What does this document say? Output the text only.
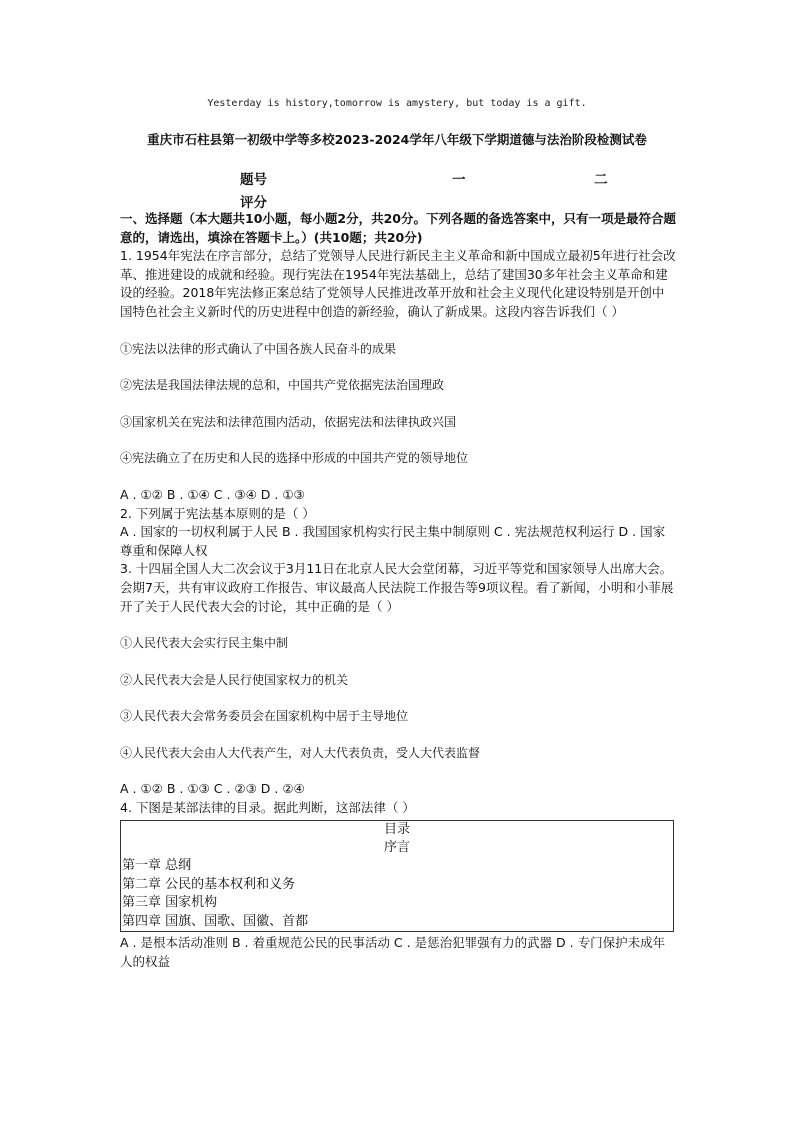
Yesterday is history,tomorrow is amystery, but today is a gift.
重庆市石柱县第一初级中学等多校2023-2024学年八年级下学期道德与法治阶段检测试卷
题号	一	二
评分

一、选择题（本大题共10小题，每小题2分，共20分。下列各题的备选答案中，只有一项是最符合题意的，请选出，填涂在答题卡上。）(共10题；共20分)

1. 1954年宪法在序言部分，总结了党领导人民进行新民主主义革命和新中国成立最初5年进行社会改革、推进建设的成就和经验。现行宪法在1954年宪法基础上，总结了建国30多年社会主义革命和建设的经验。2018年宪法修正案总结了党领导人民推进改革开放和社会主义现代化建设特别是开创中国特色社会主义新时代的历史进程中创造的新经验，确认了新成果。这段内容告诉我们（ ）

①宪法以法律的形式确认了中国各族人民奋斗的成果

②宪法是我国法律法规的总和，中国共产党依据宪法治国理政

③国家机关在宪法和法律范围内活动，依据宪法和法律执政兴国

④宪法确立了在历史和人民的选择中形成的中国共产党的领导地位

A . ①② B . ①④ C . ③④ D . ①③

2. 下列属于宪法基本原则的是（ ）

A . 国家的一切权利属于人民 B . 我国国家机构实行民主集中制原则 C . 宪法规范权利运行 D . 国家尊重和保障人权

3. 十四届全国人大二次会议于3月11日在北京人民大会堂闭幕，习近平等党和国家领导人出席大会。会期7天，共有审议政府工作报告、审议最高人民法院工作报告等9项议程。看了新闻，小明和小菲展开了关于人民代表大会的讨论，其中正确的是（ ）

①人民代表大会实行民主集中制

②人民代表大会是人民行使国家权力的机关

③人民代表大会常务委员会在国家机构中居于主导地位

④人民代表大会由人大代表产生，对人大代表负责，受人大代表监督

A . ①② B . ①③ C . ②③ D . ②④

4. 下图是某部法律的目录。据此判断，这部法律（ ）

目录
序言
第一章 总纲
第二章 公民的基本权利和义务
第三章 国家机构
第四章 国旗、国歌、国徽、首都

A . 是根本活动准则 B . 着重规范公民的民事活动 C . 是惩治犯罪强有力的武器 D . 专门保护未成年人的权益
